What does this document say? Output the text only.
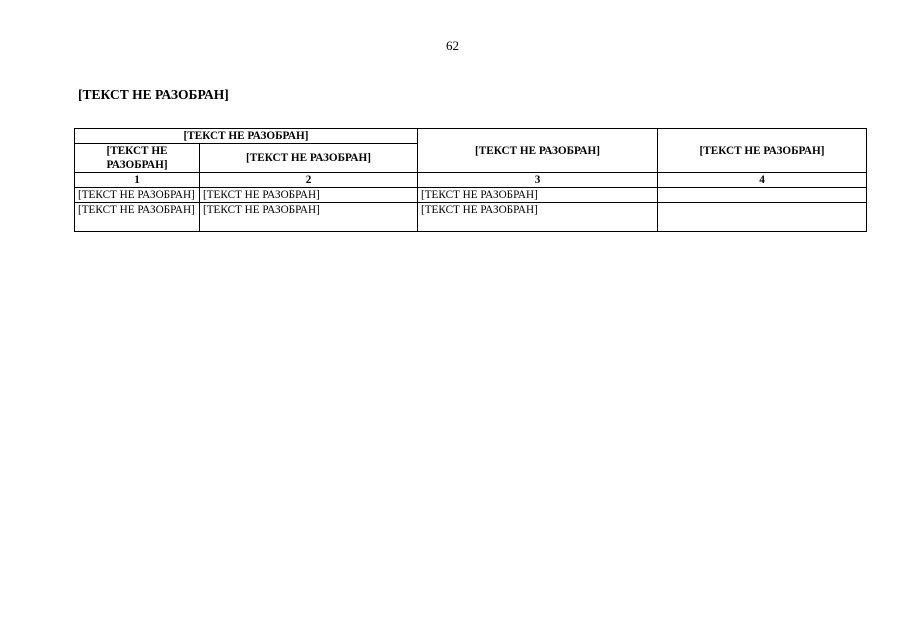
62
[ТЕКСТ НЕ РАЗОБРАН]
[ТЕКСТ НЕ РАЗОБРАН]		[ТЕКСТ НЕ РАЗОБРАН]	[ТЕКСТ НЕ РАЗОБРАН]
[ТЕКСТ НЕ РАЗОБРАН]	[ТЕКСТ НЕ РАЗОБРАН]		
1	2	3	4
[ТЕКСТ НЕ РАЗОБРАН]	[ТЕКСТ НЕ РАЗОБРАН]	[ТЕКСТ НЕ РАЗОБРАН]	

[ТЕКСТ НЕ РАЗОБРАН]	[ТЕКСТ НЕ РАЗОБРАН]	[ТЕКСТ НЕ РАЗОБРАН]	
